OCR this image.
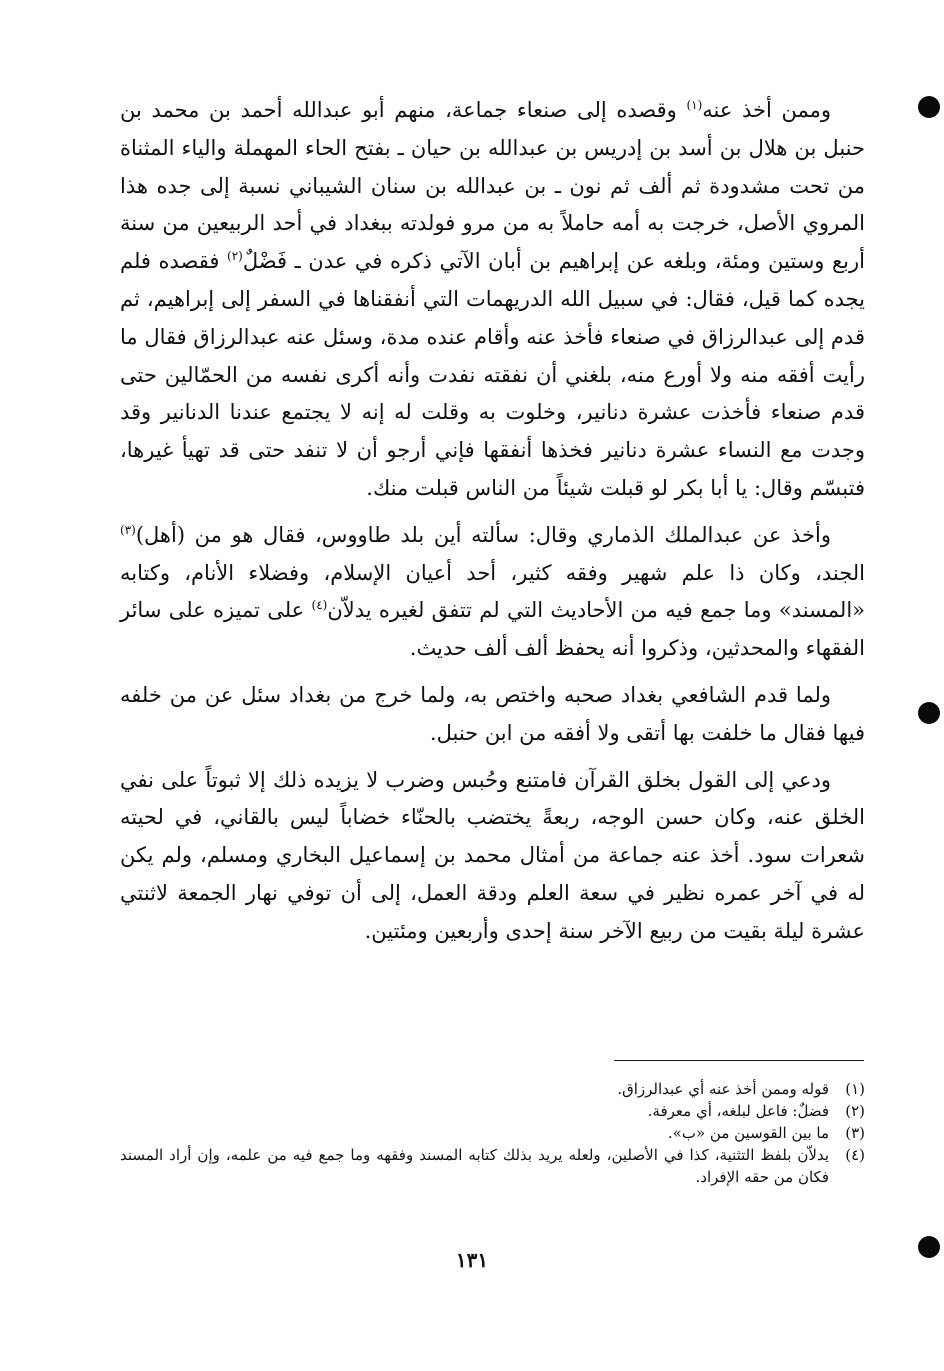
وممن أخذ عنه$^{(١)}$ وقصده إلى صنعاء جماعة، منهم أبو عبدالله أحمد بن محمد بن حنبل بن هلال بن أسد بن إدريس بن عبدالله بن حيان ـ بفتح الحاء المهملة والياء المثناة من تحت مشدودة ثم ألف ثم نون ـ بن عبدالله بن سنان الشيباني نسبة إلى جده هذا المروي الأصل، خرجت به أمه حاملاً به من مرو فولدته ببغداد في أحد الربيعين من سنة أربع وستين ومئة، وبلغه عن إبراهيم بن أبان الآتي ذكره في عدن ـ فَضْلٌ$^{(٢)}$ فقصده فلم يجده كما قيل، فقال: في سبيل الله الدريهمات التي أنفقناها في السفر إلى إبراهيم، ثم قدم إلى عبدالرزاق في صنعاء فأخذ عنه وأقام عنده مدة، وسئل عنه عبدالرزاق فقال ما رأيت أفقه منه ولا أورع منه، بلغني أن نفقته نفدت وأنه أكرى نفسه من الحمّالين حتى قدم صنعاء فأخذت عشرة دنانير، وخلوت به وقلت له إنه لا يجتمع عندنا الدنانير وقد وجدت مع النساء عشرة دنانير فخذها أنفقها فإني أرجو أن لا تنفد حتى قد تهيأ غيرها، فتبسّم وقال: يا أبا بكر لو قبلت شيئاً من الناس قبلت منك.

وأخذ عن عبدالملك الذماري وقال: سألته أين بلد طاووس، فقال هو من (أهل)$^{(٣)}$ الجند، وكان ذا علم شهير وفقه كثير، أحد أعيان الإسلام، وفضلاء الأنام، وكتابه «المسند» وما جمع فيه من الأحاديث التي لم تتفق لغيره يدلاّن$^{(٤)}$ على تميزه على سائر الفقهاء والمحدثين، وذكروا أنه يحفظ ألف ألف حديث.

ولما قدم الشافعي بغداد صحبه واختص به، ولما خرج من بغداد سئل عن من خلفه فيها فقال ما خلفت بها أتقى ولا أفقه من ابن حنبل.

ودعي إلى القول بخلق القرآن فامتنع وحُبس وضرب لا يزيده ذلك إلا ثبوتاً على نفي الخلق عنه، وكان حسن الوجه، ربعةً يختضب بالحنّاء خضاباً ليس بالقاني، في لحيته شعرات سود. أخذ عنه جماعة من أمثال محمد بن إسماعيل البخاري ومسلم، ولم يكن له في آخر عمره نظير في سعة العلم ودقة العمل، إلى أن توفي نهار الجمعة لاثنتي عشرة ليلة بقيت من ربيع الآخر سنة إحدى وأربعين ومئتين.

(١)
قوله وممن أخذ عنه أي عبدالرزاق.
(٢)
فضلٌ: فاعل لبلغه، أي معرفة.
(٣)
ما بين القوسين من «ب».
(٤)
يدلاّن بلفظ التثنية، كذا في الأصلين، ولعله يريد بذلك كتابه المسند وفقهه وما جمع فيه من علمه، وإن أراد المسند فكان من حقه الإفراد.
١٣١
